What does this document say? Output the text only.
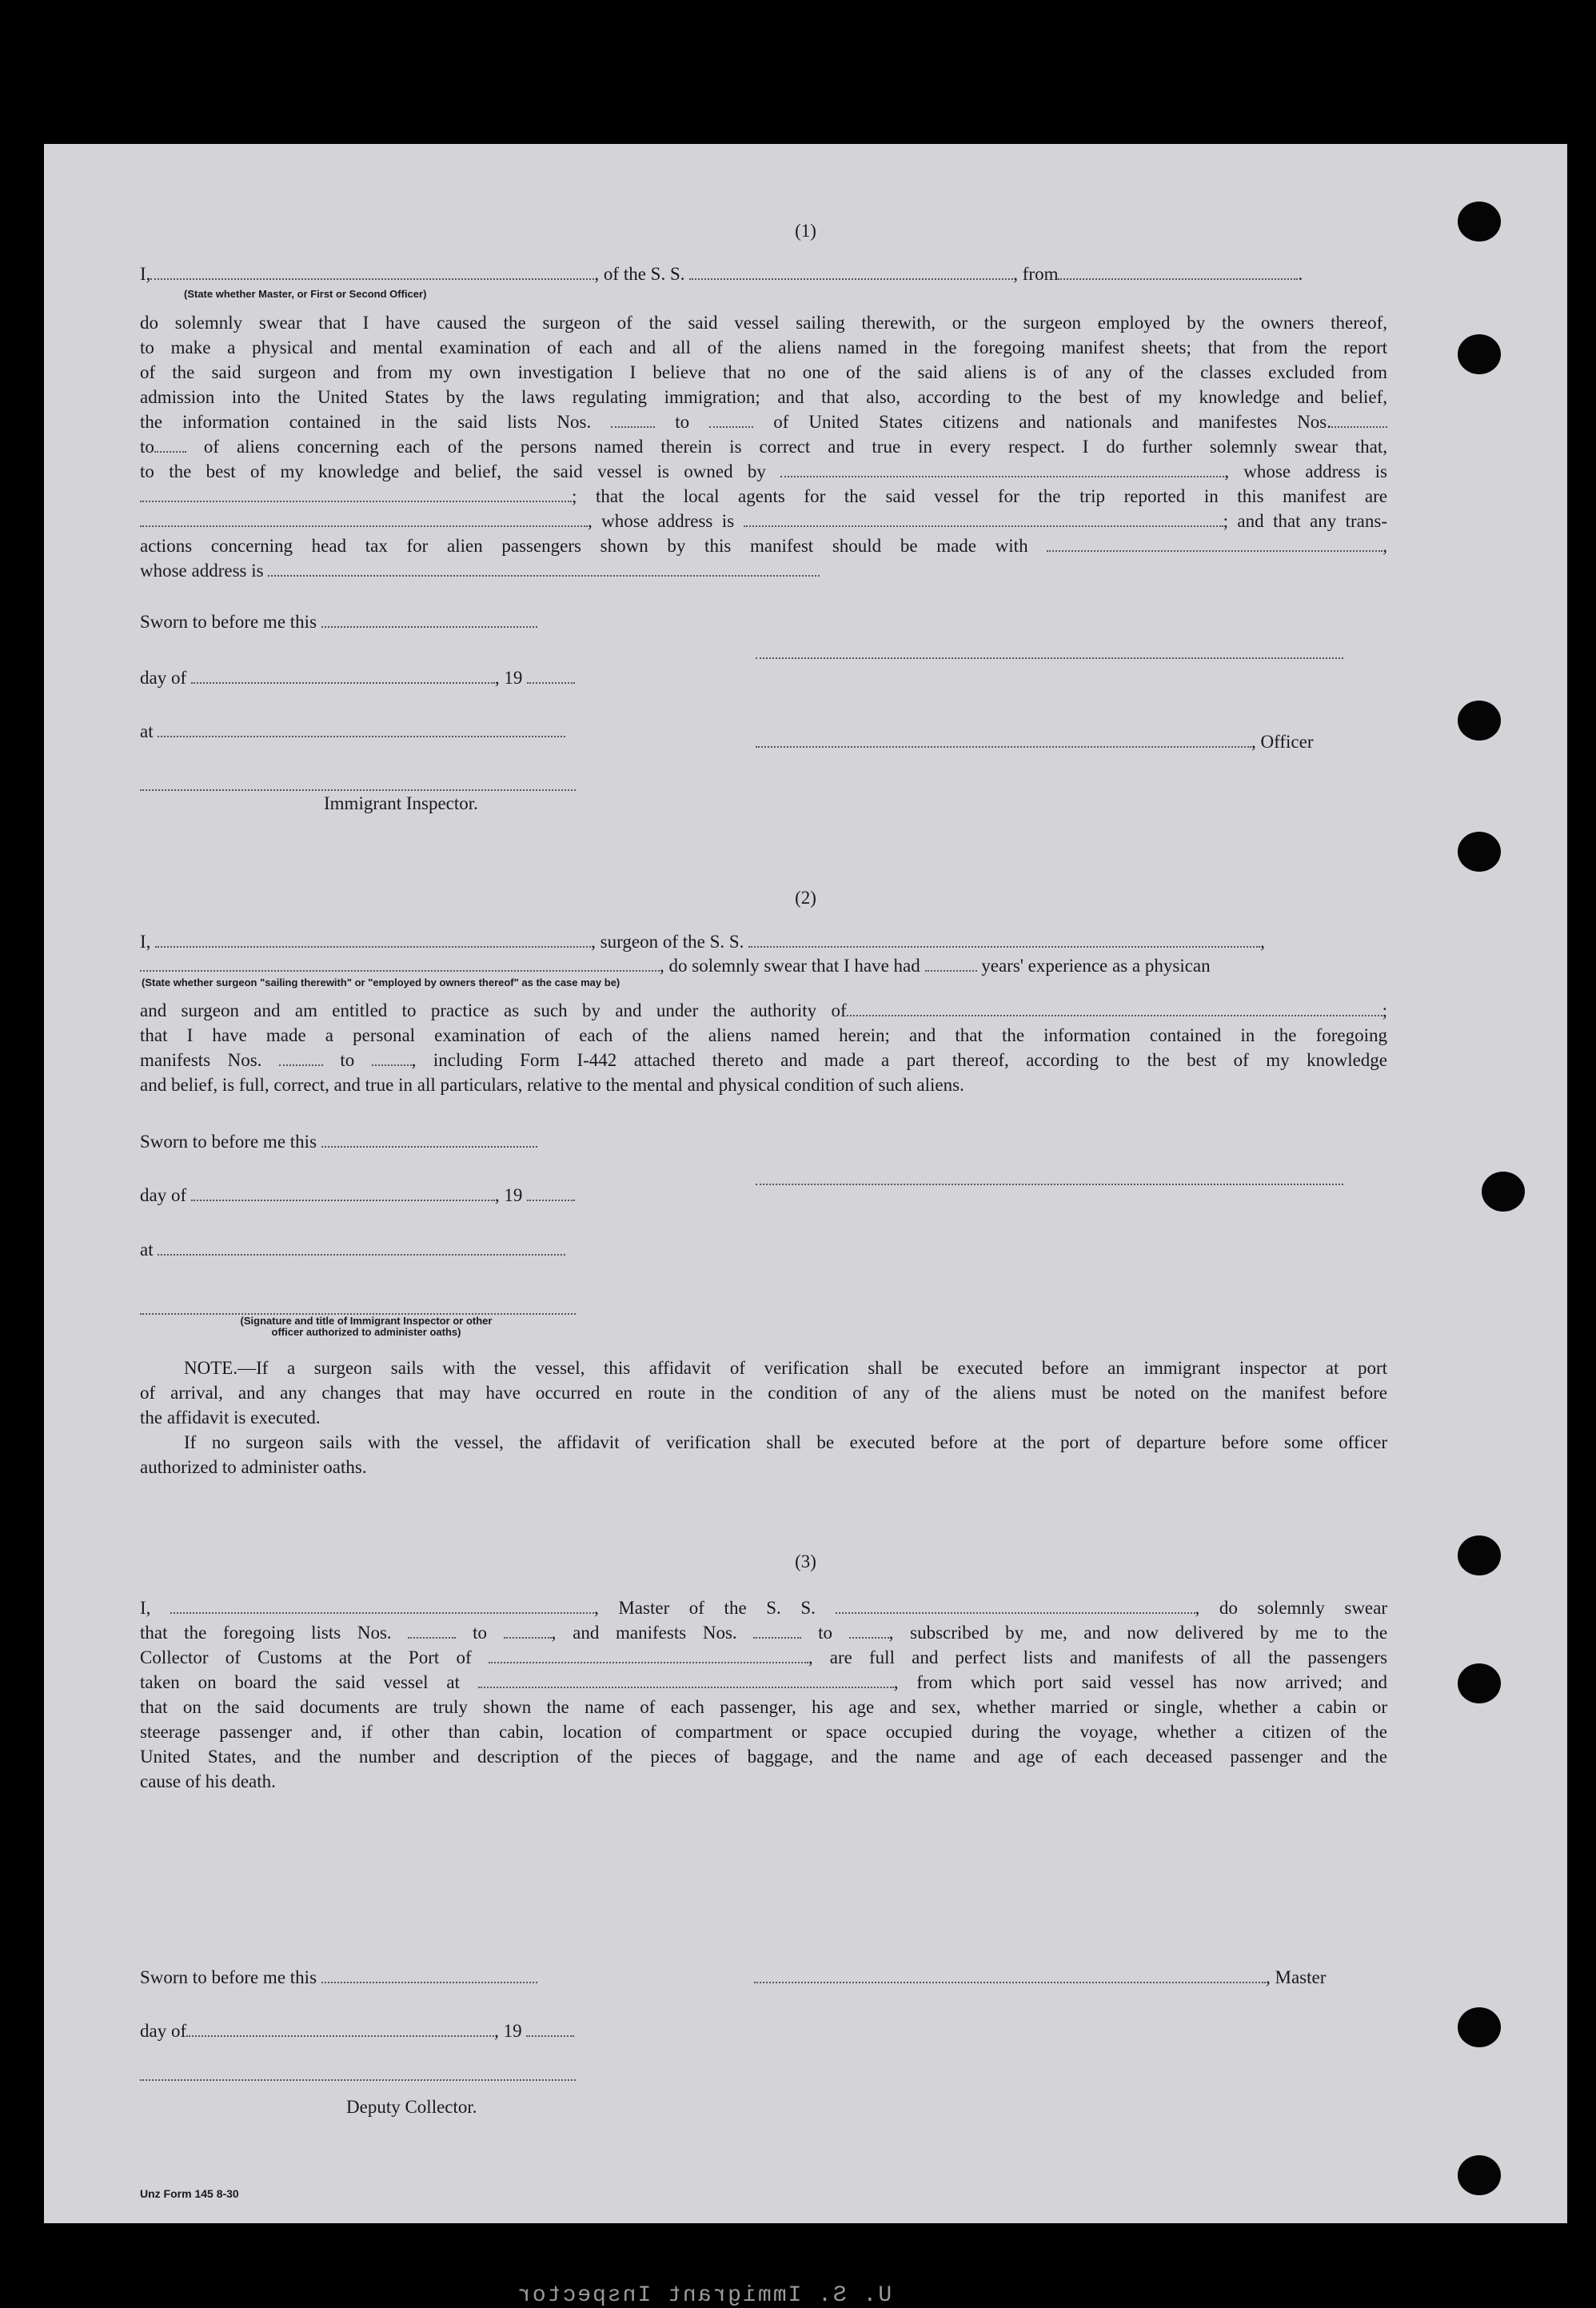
(1)
I,	, of the S. S.	, from	.
(State whether Master, or First or Second Officer)
do solemnly swear that I have caused the surgeon of the said vessel sailing therewith, or the surgeon employed by the owners thereof,
to make a physical and mental examination of each and all of the aliens named in the foregoing manifest sheets; that from the report
of the said surgeon and from my own investigation I believe that no one of the said aliens is of any of the classes excluded from
admission into the United States by the laws regulating immigration; and that also, according to the best of my knowledge and belief,
the information contained in the said lists Nos.	to	of United States citizens and nationals and manifestes Nos.
to	of aliens concerning each of the persons named therein is correct and true in every respect. I do further solemnly swear that,
to the best of my knowledge and belief, the said vessel is owned by	, whose address is
; that the local agents for the said vessel for the trip reported in this manifest are
, whose address is	; and that any trans-
actions concerning head tax for alien passengers shown by this manifest should be made with	,
whose address is
Sworn to before me this
day of	, 19
at
, Officer
Immigrant Inspector.
(2)
I,	, surgeon of the S. S.	,
, do solemnly swear that I have had	years' experience as a physican
(State whether surgeon "sailing therewith" or "employed by owners thereof" as the case may be)
and surgeon and am entitled to practice as such by and under the authority of	;
that I have made a personal examination of each of the aliens named herein; and that the information contained in the foregoing
manifests Nos.	to	, including Form I-442 attached thereto and made a part thereof, according to the best of my knowledge
and belief, is full, correct, and true in all particulars, relative to the mental and physical condition of such aliens.
Sworn to before me this
day of	, 19
at
(Signature and title of Immigrant Inspector or other
officer authorized to administer oaths)
NOTE.—If a surgeon sails with the vessel, this affidavit of verification shall be executed before an immigrant inspector at port
of arrival, and any changes that may have occurred en route in the condition of any of the aliens must be noted on the manifest before
the affidavit is executed.
If no surgeon sails with the vessel, the affidavit of verification shall be executed before at the port of departure before some officer
authorized to administer oaths.
(3)
I,	, Master of the S. S.	, do solemnly swear
that the foregoing lists Nos.	to	, and manifests Nos.	to	, subscribed by me, and now delivered by me to the
Collector of Customs at the Port of	, are full and perfect lists and manifests of all the passengers
taken on board the said vessel at	, from which port said vessel has now arrived; and
that on the said documents are truly shown the name of each passenger, his age and sex, whether married or single, whether a cabin or
steerage passenger and, if other than cabin, location of compartment or space occupied during the voyage, whether a citizen of the
United States, and the number and description of the pieces of baggage, and the name and age of each deceased passenger and the
cause of his death.
Sworn to before me this	, Master
day of	, 19
Deputy Collector.
Unz Form 145 8-30
U. S. Immigrant Inspector
